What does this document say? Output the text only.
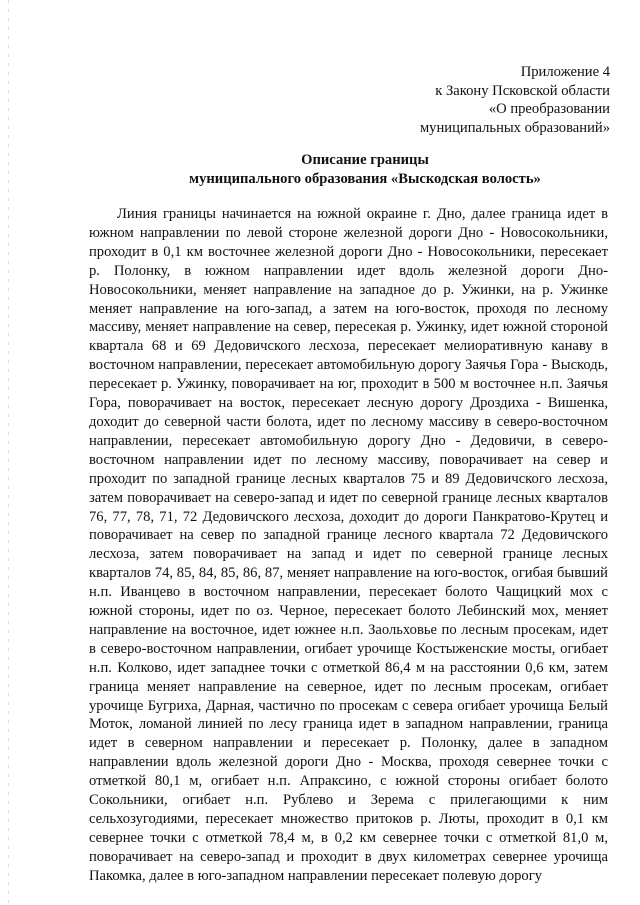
Приложение 4
к Закону Псковской области
«О преобразовании
муниципальных образований»
Описание границы
муниципального образования «Выскодская волость»

Линия границы начинается на южной окраине г. Дно, далее граница идет в южном направлении по левой стороне железной дороги Дно - Новосокольники, проходит в 0,1 км восточнее железной дороги Дно - Новосокольники, пересекает р. Полонку, в южном направлении идет вдоль железной дороги Дно-Новосокольники, меняет направление на западное до р. Ужинки, на р. Ужинке меняет направление на юго-запад, а затем на юго-восток, проходя по лесному массиву, меняет направление на север, пересекая р. Ужинку, идет южной стороной квартала 68 и 69 Дедовичского лесхоза, пересекает мелиоративную канаву в восточном направлении, пересекает автомобильную дорогу Заячья Гора - Выскодь, пересекает р. Ужинку, поворачивает на юг, проходит в 500 м восточнее н.п. Заячья Гора, поворачивает на восток, пересекает лесную дорогу Дроздиха - Вишенка, доходит до северной части болота, идет по лесному массиву в северо-восточном направлении, пересекает автомобильную дорогу Дно - Дедовичи, в северо-восточном направлении идет по лесному массиву, поворачивает на север и проходит по западной границе лесных кварталов 75 и 89 Дедовичского лесхоза, затем поворачивает на северо-запад и идет по северной границе лесных кварталов 76, 77, 78, 71, 72 Дедовичского лесхоза, доходит до дороги Панкратово-Крутец и поворачивает на север по западной границе лесного квартала 72 Дедовичского лесхоза, затем поворачивает на запад и идет по северной границе лесных кварталов 74, 85, 84, 85, 86, 87, меняет направление на юго-восток, огибая бывший н.п. Иванцево в восточном направлении, пересекает болото Чащицкий мох с южной стороны, идет по оз. Черное, пересекает болото Лебинский мох, меняет направление на восточное, идет южнее н.п. Заольховье по лесным просекам, идет в северо-восточном направлении, огибает урочище Костыженские мосты, огибает н.п. Колково, идет западнее точки с отметкой 86,4 м на расстоянии 0,6 км, затем граница меняет направление на северное, идет по лесным просекам, огибает урочище Бугриха, Дарная, частично по просекам с севера огибает урочища Белый Моток, ломаной линией по лесу граница идет в западном направлении, граница идет в северном направлении и пересекает р. Полонку, далее в западном направлении вдоль железной дороги Дно - Москва, проходя севернее точки с отметкой 80,1 м, огибает н.п. Апраксино, с южной стороны огибает болото Сокольники, огибает н.п. Рублево и Зерема с прилегающими к ним сельхозугодиями, пересекает множество притоков р. Люты, проходит в 0,1 км севернее точки с отметкой 78,4 м, в 0,2 км севернее точки с отметкой 81,0 м, поворачивает на северо-запад и проходит в двух километрах севернее урочища Пакомка, далее в юго-западном направлении пересекает полевую дорогу
